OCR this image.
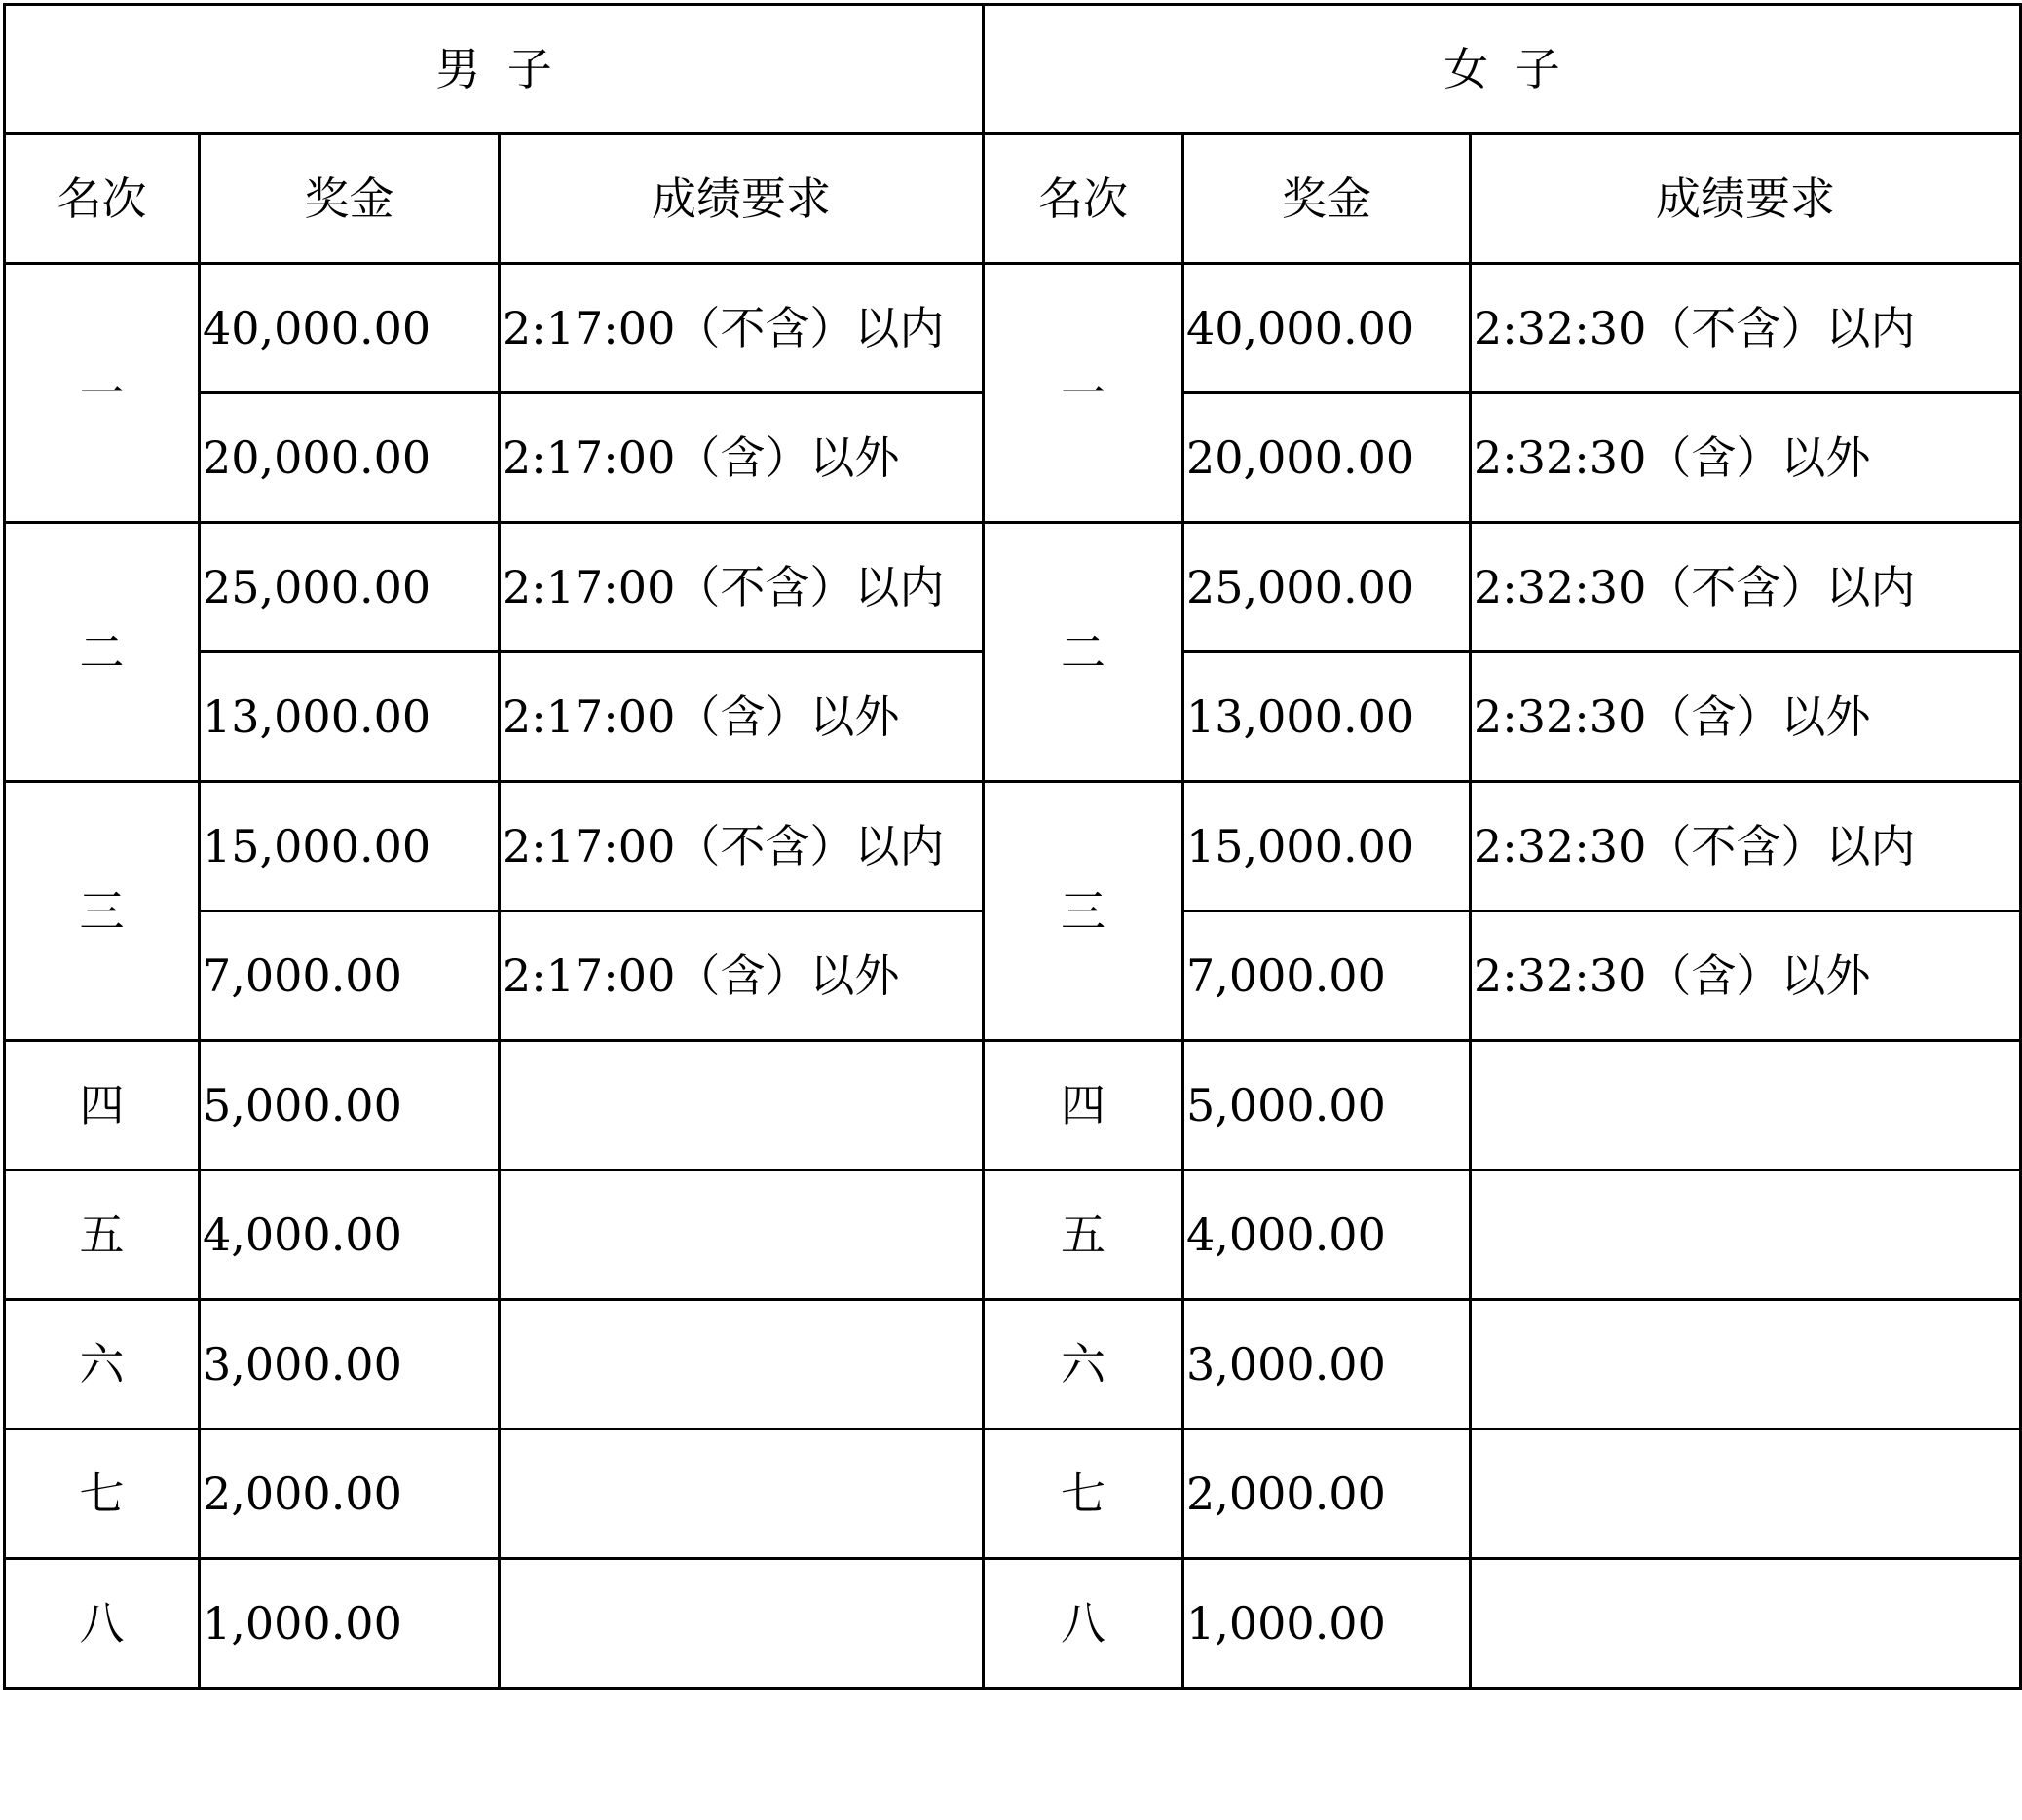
男子			女子		
名次	奖金	成绩要求	名次	奖金	成绩要求
一	40,000.00	2:17:00（不含）以内	一	40,000.00	2:32:30（不含）以内
	20,000.00	2:17:00（含）以外		20,000.00	2:32:30（含）以外
二	25,000.00	2:17:00（不含）以内	二	25,000.00	2:32:30（不含）以内
	13,000.00	2:17:00（含）以外		13,000.00	2:32:30（含）以外
三	15,000.00	2:17:00（不含）以内	三	15,000.00	2:32:30（不含）以内
	7,000.00	2:17:00（含）以外		7,000.00	2:32:30（含）以外
四	5,000.00		四	5,000.00	
五	4,000.00		五	4,000.00	
六	3,000.00		六	3,000.00	
七	2,000.00		七	2,000.00	
八	1,000.00		八	1,000.00	
